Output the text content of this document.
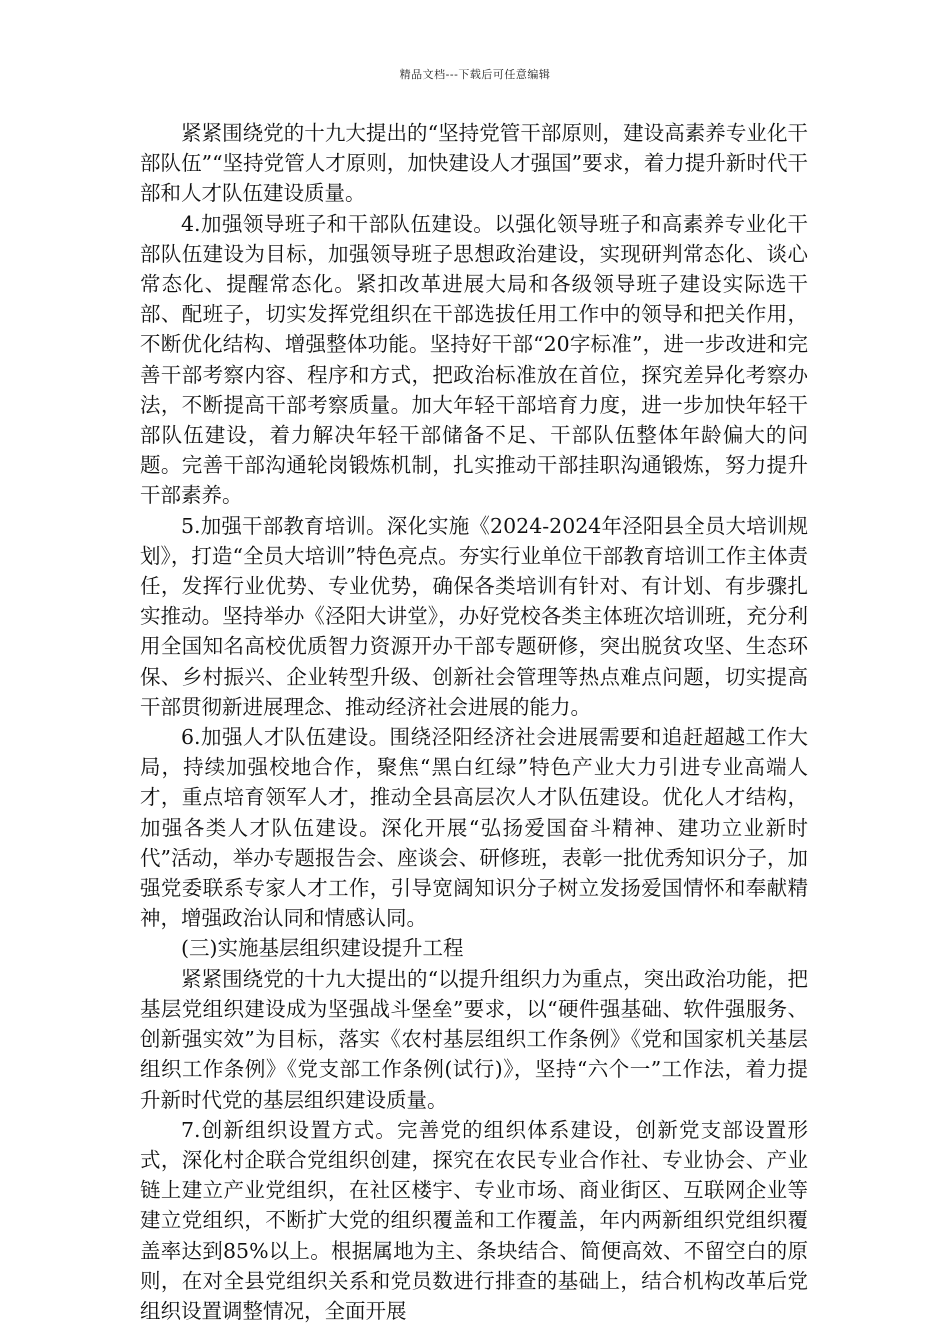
精品文档---下载后可任意编辑

紧紧围绕党的十九大提出的“坚持党管干部原则，建设高素养专业化干部队伍”“坚持党管人才原则，加快建设人才强国”要求，着力提升新时代干部和人才队伍建设质量。

4.加强领导班子和干部队伍建设。以强化领导班子和高素养专业化干部队伍建设为目标，加强领导班子思想政治建设，实现研判常态化、谈心常态化、提醒常态化。紧扣改革进展大局和各级领导班子建设实际选干部、配班子，切实发挥党组织在干部选拔任用工作中的领导和把关作用，不断优化结构、增强整体功能。坚持好干部“20字标准”，进一步改进和完善干部考察内容、程序和方式，把政治标准放在首位，探究差异化考察办法，不断提高干部考察质量。加大年轻干部培育力度，进一步加快年轻干部队伍建设，着力解决年轻干部储备不足、干部队伍整体年龄偏大的问题。完善干部沟通轮岗锻炼机制，扎实推动干部挂职沟通锻炼，努力提升干部素养。

5.加强干部教育培训。深化实施《2024-2024年泾阳县全员大培训规划》，打造“全员大培训”特色亮点。夯实行业单位干部教育培训工作主体责任，发挥行业优势、专业优势，确保各类培训有针对、有计划、有步骤扎实推动。坚持举办《泾阳大讲堂》，办好党校各类主体班次培训班，充分利用全国知名高校优质智力资源开办干部专题研修，突出脱贫攻坚、生态环保、乡村振兴、企业转型升级、创新社会管理等热点难点问题，切实提高干部贯彻新进展理念、推动经济社会进展的能力。

6.加强人才队伍建设。围绕泾阳经济社会进展需要和追赶超越工作大局，持续加强校地合作，聚焦“黑白红绿”特色产业大力引进专业高端人才，重点培育领军人才，推动全县高层次人才队伍建设。优化人才结构，加强各类人才队伍建设。深化开展“弘扬爱国奋斗精神、建功立业新时代”活动，举办专题报告会、座谈会、研修班，表彰一批优秀知识分子，加强党委联系专家人才工作，引导宽阔知识分子树立发扬爱国情怀和奉献精神，增强政治认同和情感认同。

(三)实施基层组织建设提升工程

紧紧围绕党的十九大提出的“以提升组织力为重点，突出政治功能，把基层党组织建设成为坚强战斗堡垒”要求，以“硬件强基础、软件强服务、创新强实效”为目标，落实《农村基层组织工作条例》《党和国家机关基层组织工作条例》《党支部工作条例(试行)》，坚持“六个一”工作法，着力提升新时代党的基层组织建设质量。

7.创新组织设置方式。完善党的组织体系建设，创新党支部设置形式，深化村企联合党组织创建，探究在农民专业合作社、专业协会、产业链上建立产业党组织，在社区楼宇、专业市场、商业街区、互联网企业等建立党组织，不断扩大党的组织覆盖和工作覆盖，年内两新组织党组织覆盖率达到85%以上。根据属地为主、条块结合、简便高效、不留空白的原则，在对全县党组织关系和党员数进行排查的基础上，结合机构改革后党组织设置调整情况，全面开展
